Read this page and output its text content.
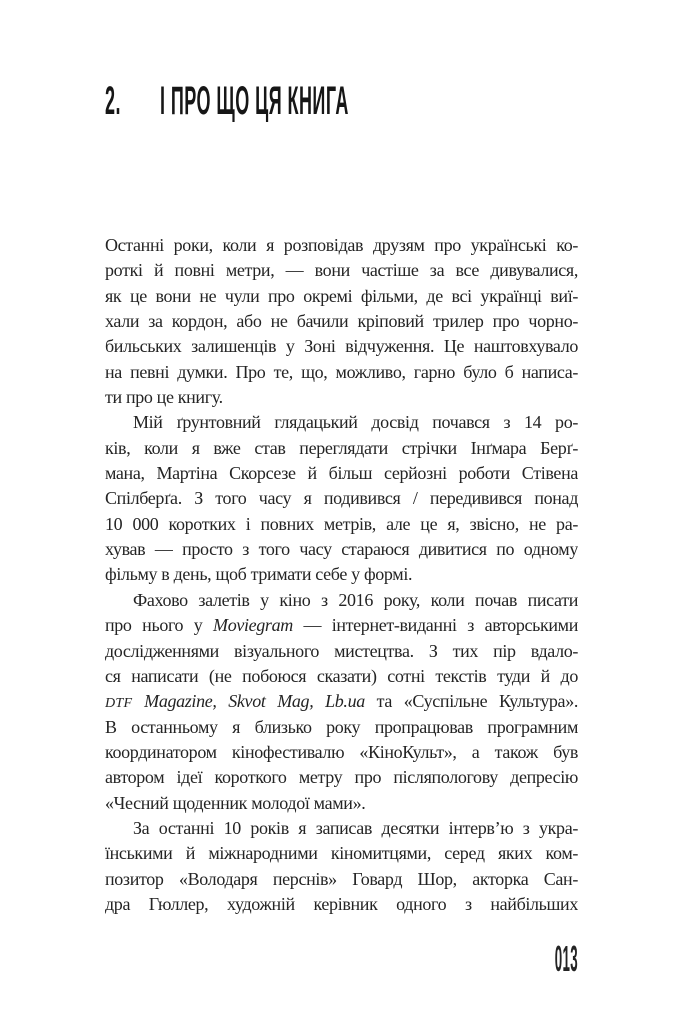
2. І ПРО ЩО ЦЯ КНИГА
Останні роки, коли я розповідав друзям про українські ко-
роткі й повні метри, — вони частіше за все дивувалися,
як це вони не чули про окремі фільми, де всі українці виї-
хали за кордон, або не бачили кріповий трилер про чорно-
бильських залишенців у Зоні відчуження. Це наштовхувало
на певні думки. Про те, що, можливо, гарно було б написа-
ти про це книгу.
Мій ґрунтовний глядацький досвід почався з 14 ро-
ків, коли я вже став переглядати стрічки Інґмара Берґ-
мана, Мартіна Скорсезе й більш серйозні роботи Стівена
Спілберґа. З того часу я подивився / передивився понад
10 000 коротких і повних метрів, але це я, звісно, не ра-
хував — просто з того часу стараюся дивитися по одному
фільму в день, щоб тримати себе у формі.
Фахово залетів у кіно з 2016 року, коли почав писати
про нього у Moviegram — інтернет-виданні з авторськими
дослідженнями візуального мистецтва. З тих пір вдало-
ся написати (не побоюся сказати) сотні текстів туди й до
DTF Magazine, Skvot Mag, Lb.ua та «Суспільне Культура».
В останньому я близько року пропрацював програмним
координатором кінофестивалю «КіноКульт», а також був
автором ідеї короткого метру про післяпологову депресію
«Чесний щоденник молодої мами».
За останні 10 років я записав десятки інтерв’ю з укра-
їнськими й міжнародними кіномитцями, серед яких ком-
позитор «Володаря перснів» Говард Шор, акторка Сан-
дра Гюллер, художній керівник одного з найбільших
013
